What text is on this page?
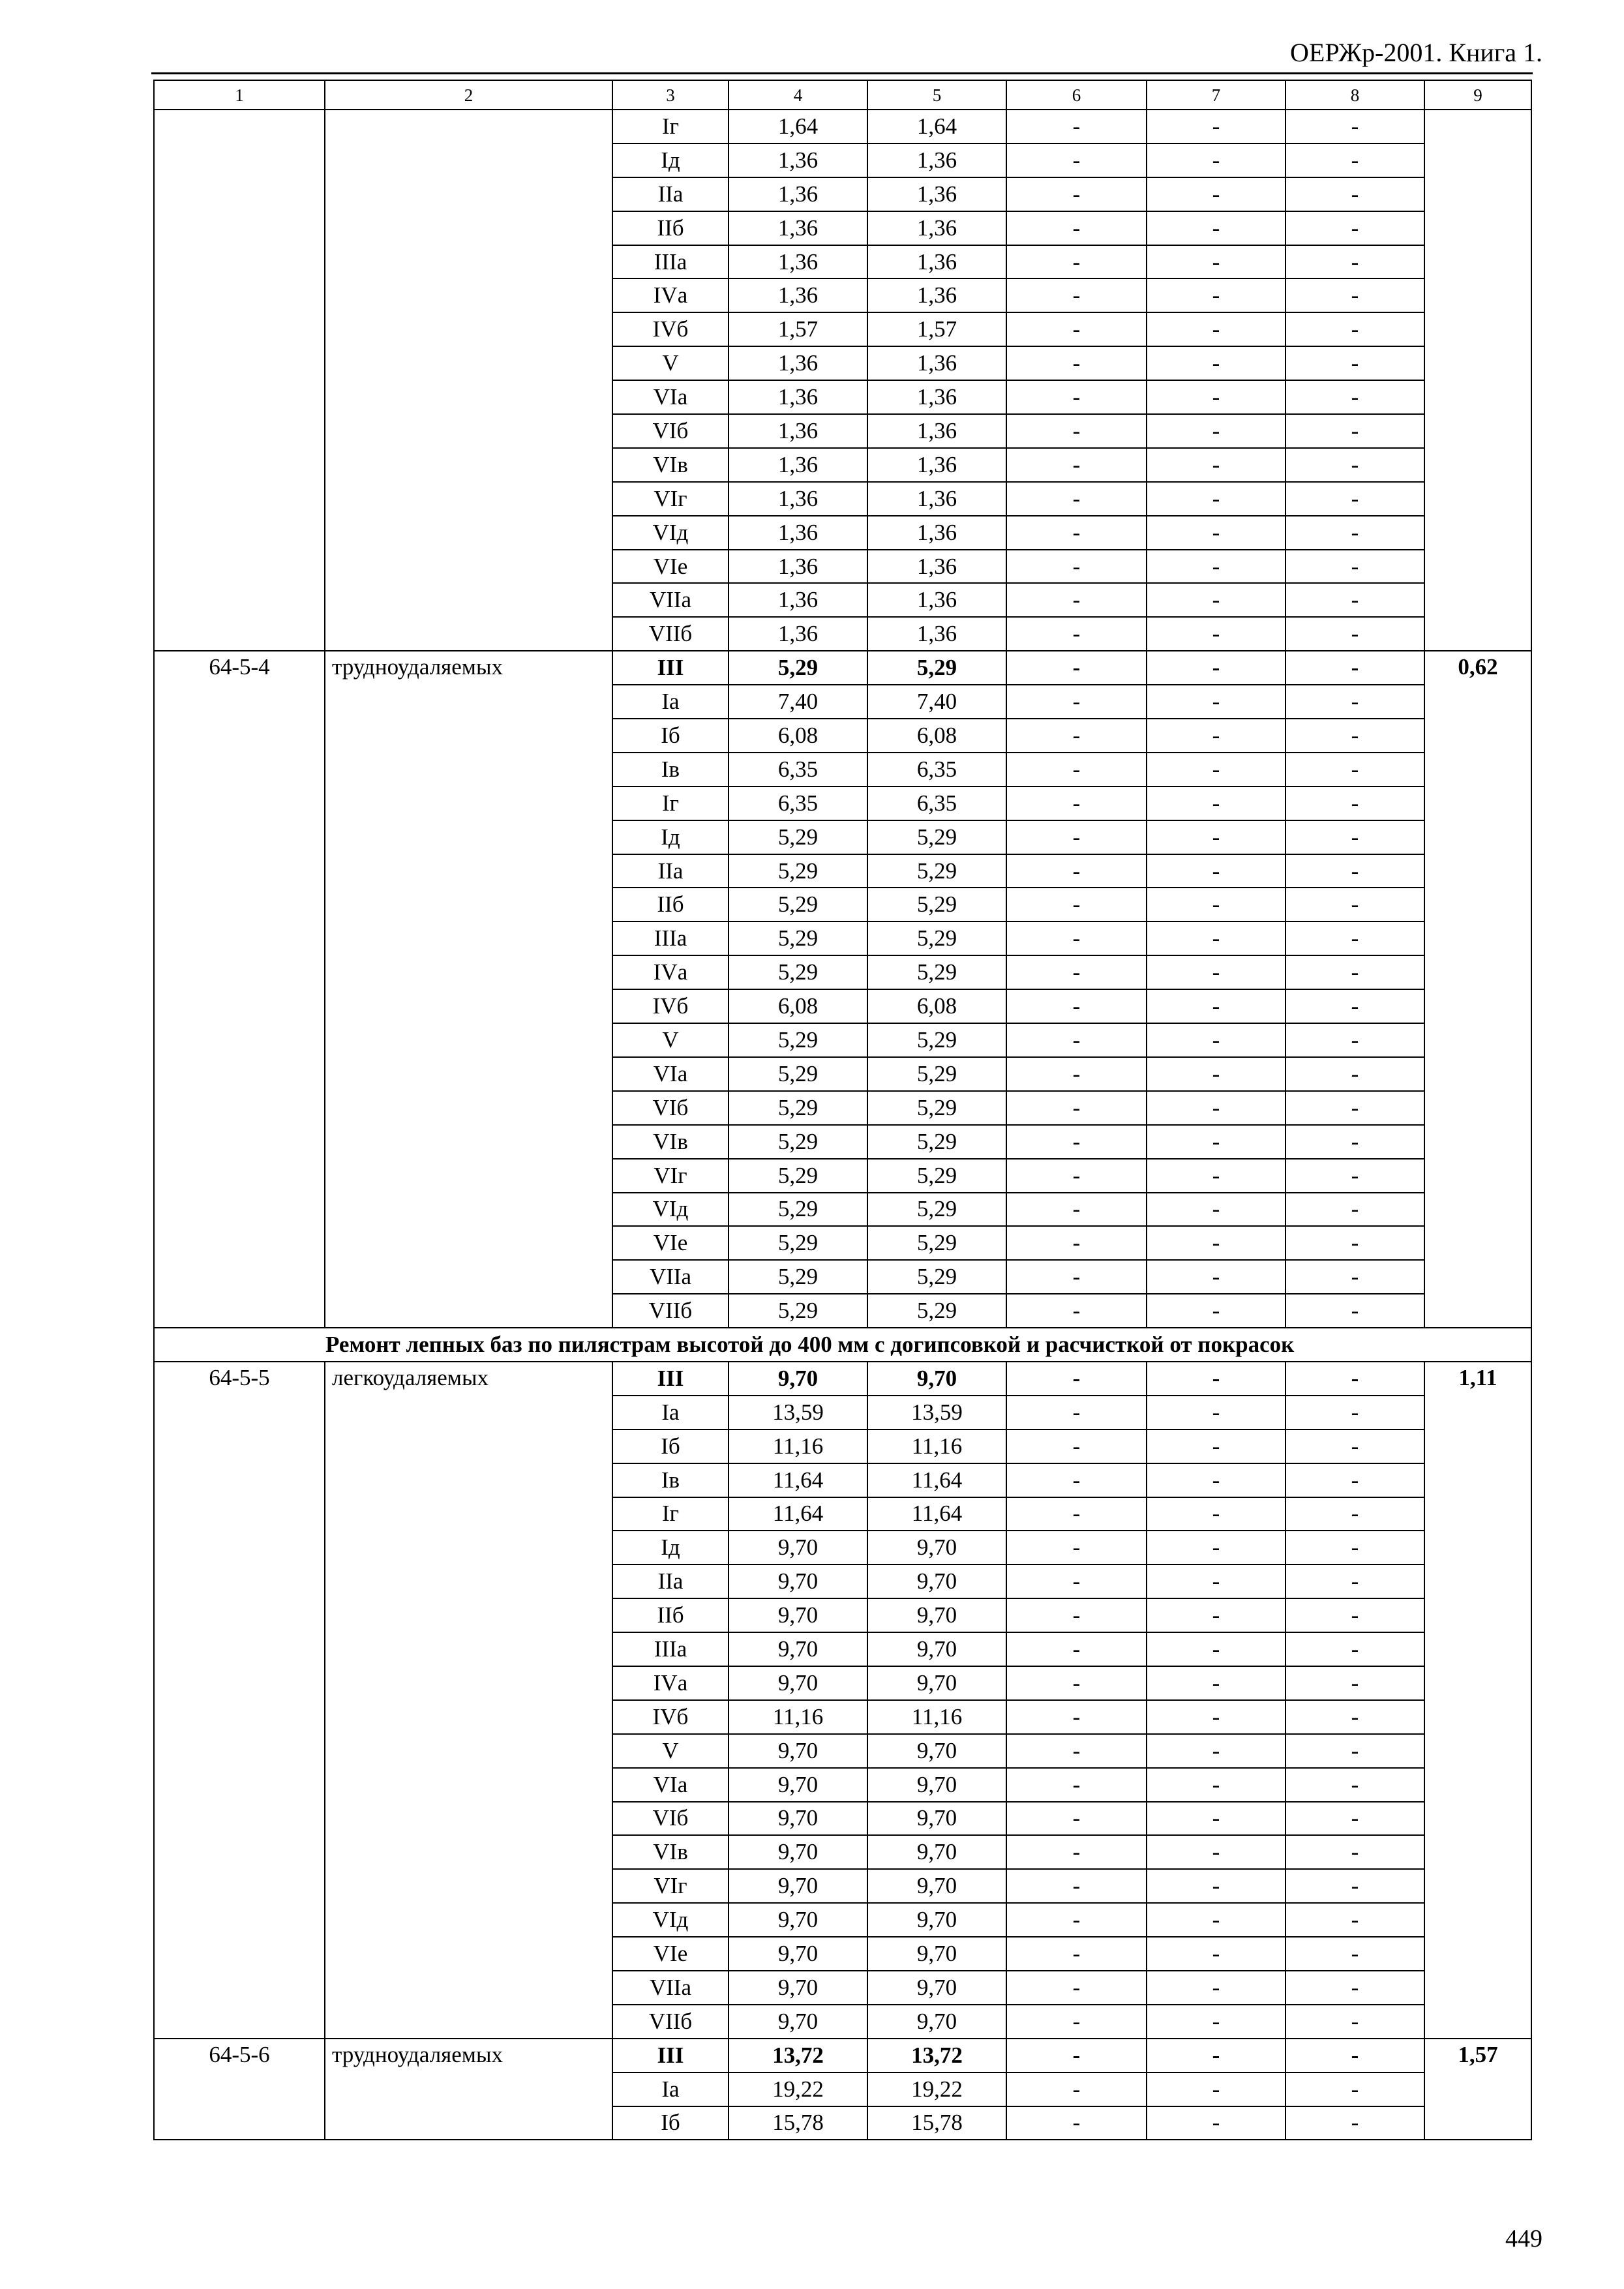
ОЕРЖр-2001. Книга 1.
1	2	3	4	5	6	7	8	9
		Iг	1,64	1,64	-	-	-	
		Iд	1,36	1,36	-	-	-	
		IIа	1,36	1,36	-	-	-	
		IIб	1,36	1,36	-	-	-	
		IIIа	1,36	1,36	-	-	-	
		IVа	1,36	1,36	-	-	-	
		IVб	1,57	1,57	-	-	-	
		V	1,36	1,36	-	-	-	
		VIа	1,36	1,36	-	-	-	
		VIб	1,36	1,36	-	-	-	
		VIв	1,36	1,36	-	-	-	
		VIг	1,36	1,36	-	-	-	
		VIд	1,36	1,36	-	-	-	
		VIе	1,36	1,36	-	-	-	
		VIIа	1,36	1,36	-	-	-	
		VIIб	1,36	1,36	-	-	-	
64-5-4	трудноудаляемых	III	5,29	5,29	-	-	-	0,62
		Iа	7,40	7,40	-	-	-	
		Iб	6,08	6,08	-	-	-	
		Iв	6,35	6,35	-	-	-	
		Iг	6,35	6,35	-	-	-	
		Iд	5,29	5,29	-	-	-	
		IIа	5,29	5,29	-	-	-	
		IIб	5,29	5,29	-	-	-	
		IIIа	5,29	5,29	-	-	-	
		IVа	5,29	5,29	-	-	-	
		IVб	6,08	6,08	-	-	-	
		V	5,29	5,29	-	-	-	
		VIа	5,29	5,29	-	-	-	
		VIб	5,29	5,29	-	-	-	
		VIв	5,29	5,29	-	-	-	
		VIг	5,29	5,29	-	-	-	
		VIд	5,29	5,29	-	-	-	
		VIе	5,29	5,29	-	-	-	
		VIIа	5,29	5,29	-	-	-	
		VIIб	5,29	5,29	-	-	-	
Ремонт лепных баз по пилястрам высотой до 400 мм с догипсовкой и расчисткой от покрасок								
64-5-5	легкоудаляемых	III	9,70	9,70	-	-	-	1,11
		Iа	13,59	13,59	-	-	-	
		Iб	11,16	11,16	-	-	-	
		Iв	11,64	11,64	-	-	-	
		Iг	11,64	11,64	-	-	-	
		Iд	9,70	9,70	-	-	-	
		IIа	9,70	9,70	-	-	-	
		IIб	9,70	9,70	-	-	-	
		IIIа	9,70	9,70	-	-	-	
		IVа	9,70	9,70	-	-	-	
		IVб	11,16	11,16	-	-	-	
		V	9,70	9,70	-	-	-	
		VIа	9,70	9,70	-	-	-	
		VIб	9,70	9,70	-	-	-	
		VIв	9,70	9,70	-	-	-	
		VIг	9,70	9,70	-	-	-	
		VIд	9,70	9,70	-	-	-	
		VIе	9,70	9,70	-	-	-	
		VIIа	9,70	9,70	-	-	-	
		VIIб	9,70	9,70	-	-	-	
64-5-6	трудноудаляемых	III	13,72	13,72	-	-	-	1,57
		Iа	19,22	19,22	-	-	-	
		Iб	15,78	15,78	-	-	-	
449
